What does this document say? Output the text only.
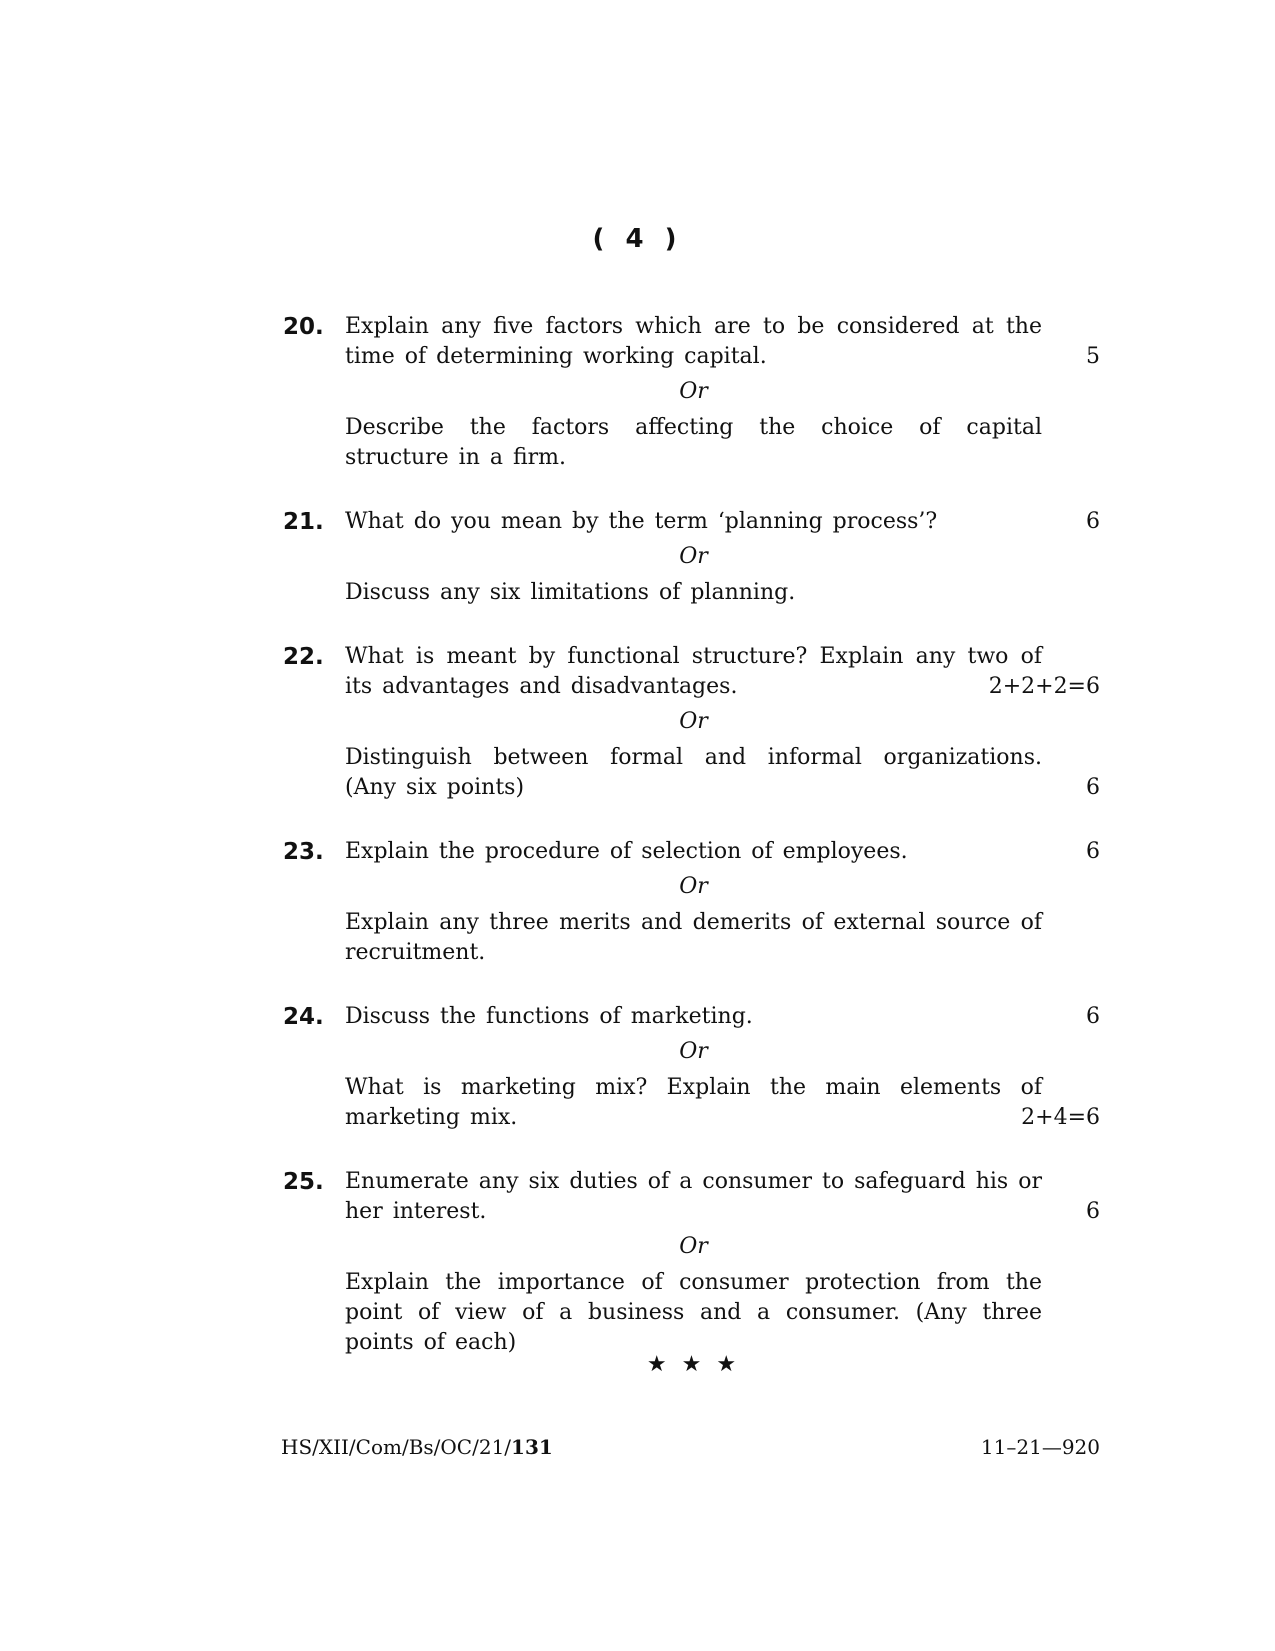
( 4 )
20. Explain any five factors which are to be considered at the time of determining working capital.	5
Or
Describe the factors affecting the choice of capital structure in a firm.
21. What do you mean by the term ‘planning process’?	6
Or
Discuss any six limitations of planning.
22. What is meant by functional structure? Explain any two of its advantages and disadvantages.	2+2+2=6
Or
Distinguish between formal and informal organizations. (Any six points)	6
23. Explain the procedure of selection of employees.	6
Or
Explain any three merits and demerits of external source of recruitment.
24. Discuss the functions of marketing.	6
Or
What is marketing mix? Explain the main elements of marketing mix.	2+4=6
25. Enumerate any six duties of a consumer to safeguard his or her interest.	6
Or
Explain the importance of consumer protection from the point of view of a business and a consumer. (Any three points of each)
★ ★ ★
HS/XII/Com/Bs/OC/21/131	11–21—920
